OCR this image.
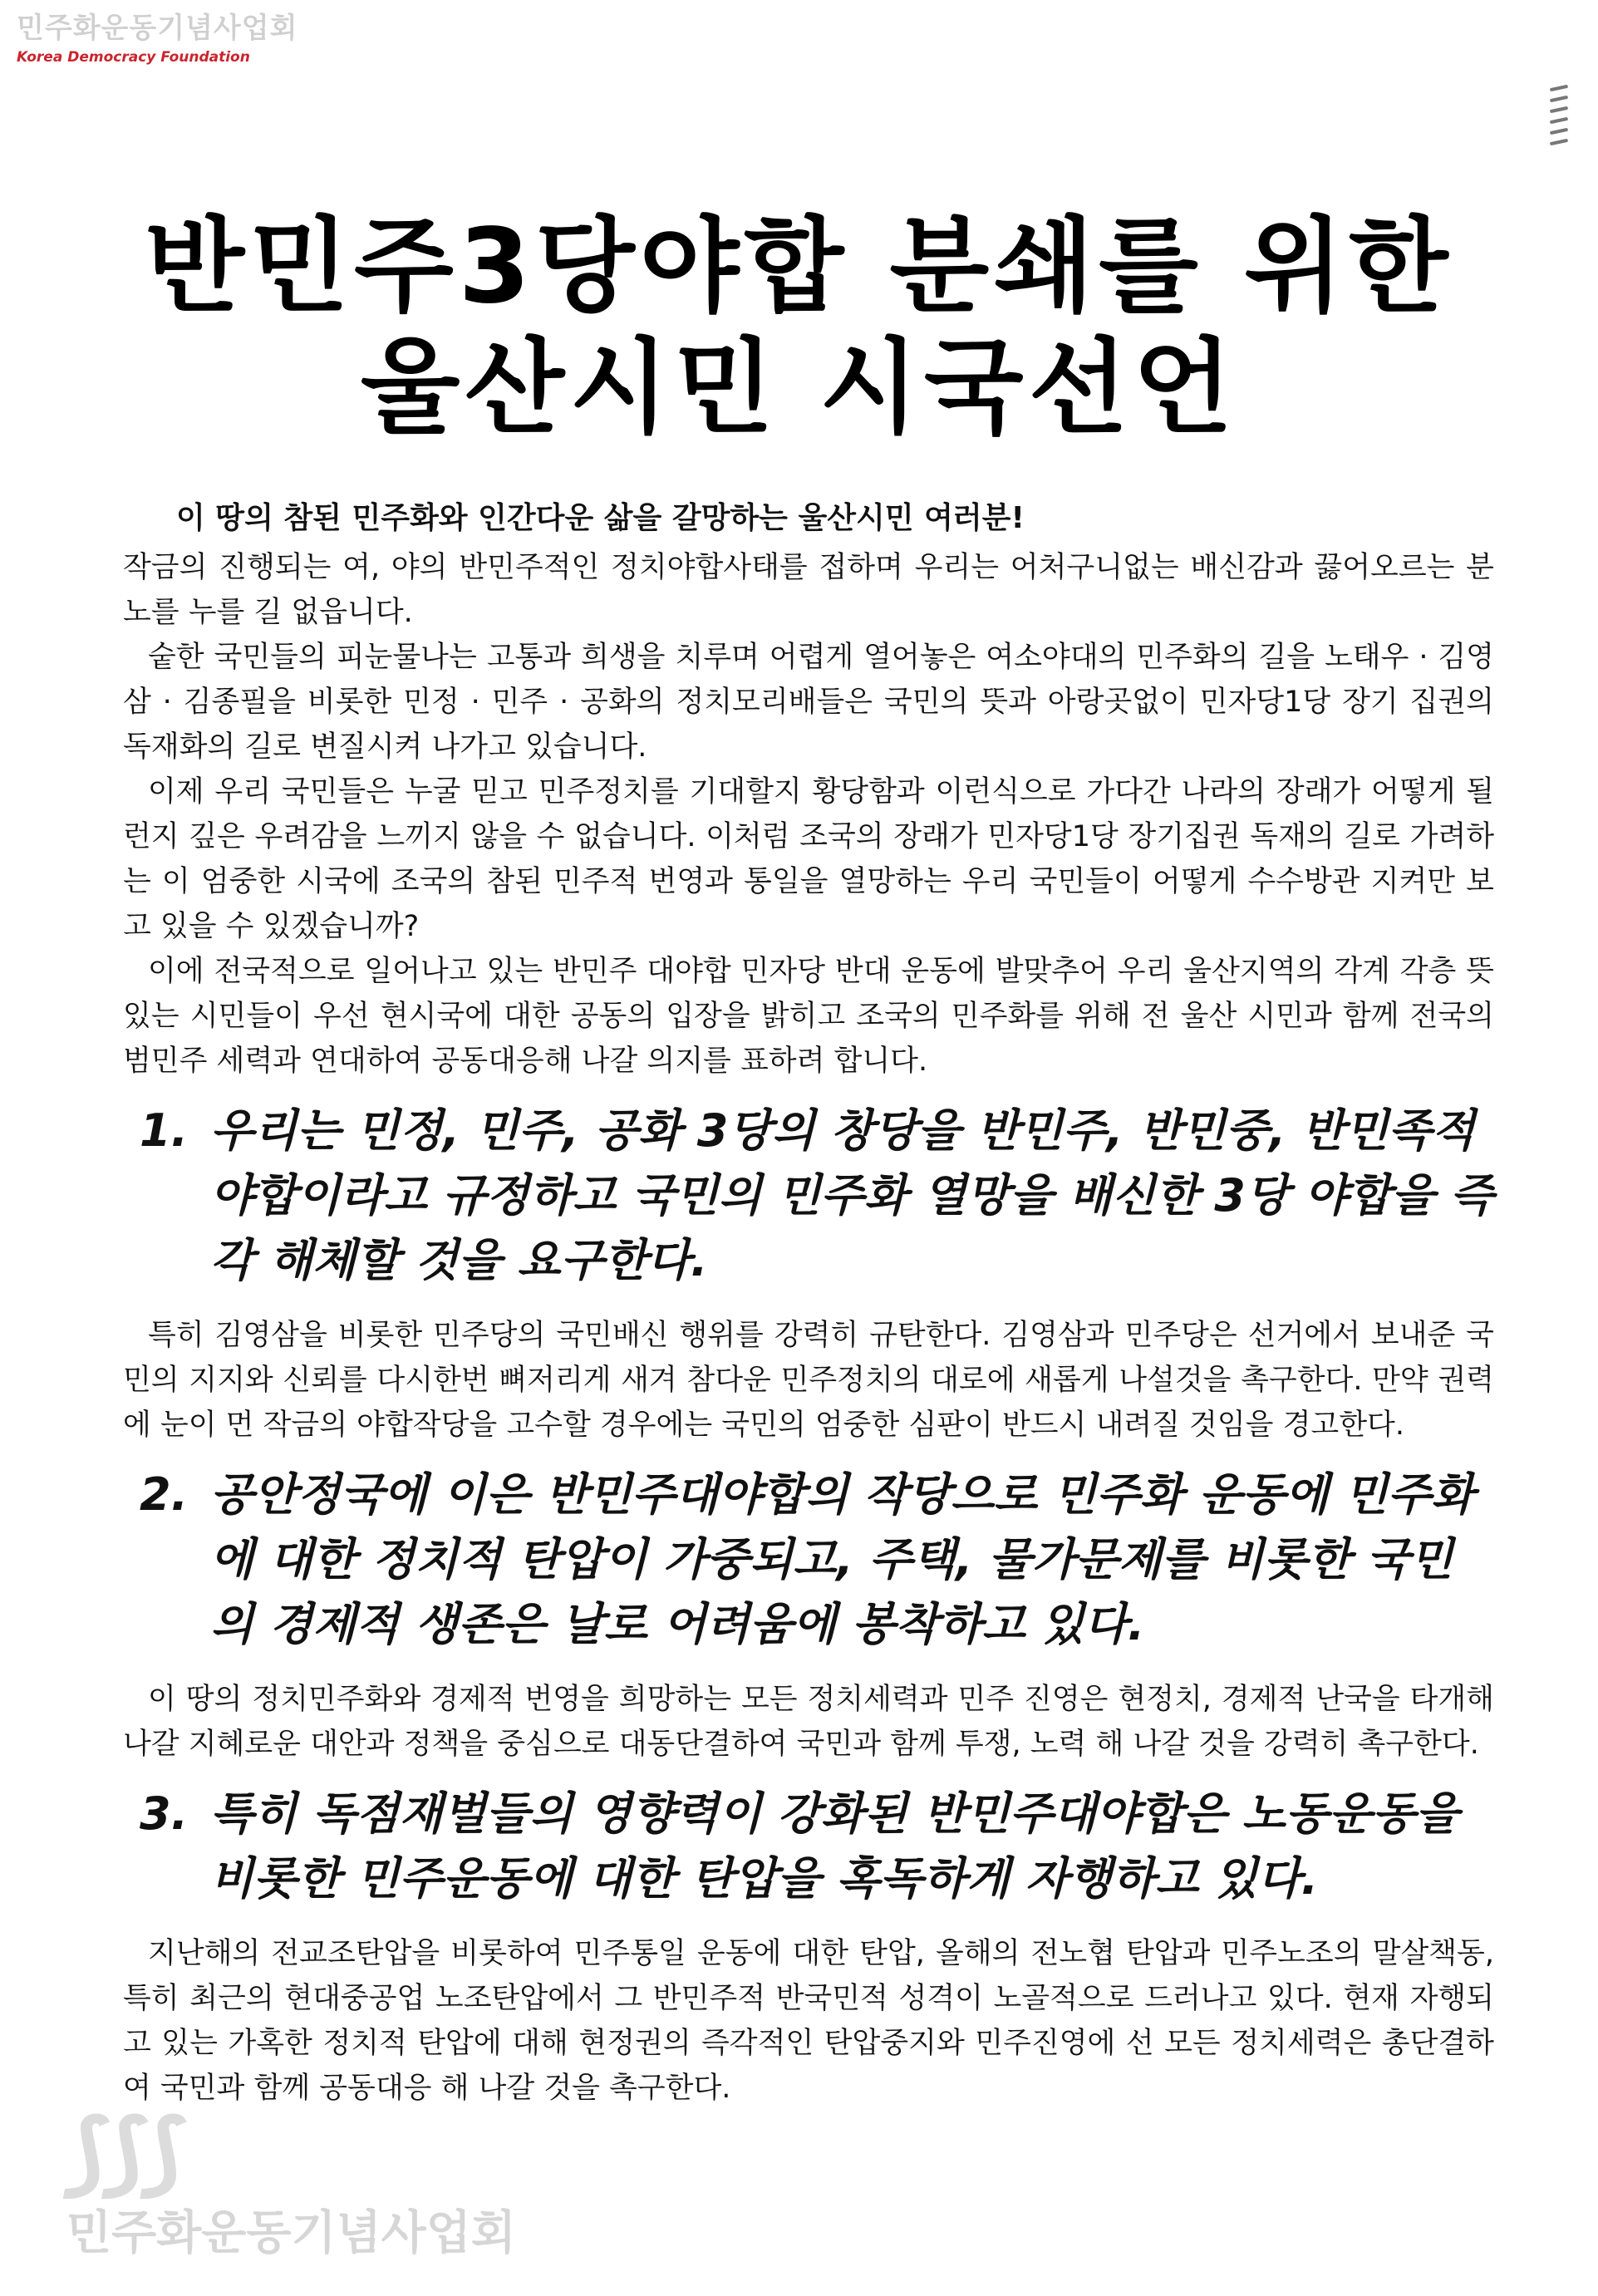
민주화운동기념사업회
Korea Democracy Foundation
반민주3당야합 분쇄를 위한
울산시민 시국선언

이 땅의 참된 민주화와 인간다운 삶을 갈망하는 울산시민 여러분!

작금의 진행되는 여, 야의 반민주적인 정치야합사태를 접하며 우리는 어처구니없는 배신감과 끓어오르는 분노를 누를 길 없읍니다.

숱한 국민들의 피눈물나는 고통과 희생을 치루며 어렵게 열어놓은 여소야대의 민주화의 길을 노태우 · 김영삼 · 김종필을 비롯한 민정 · 민주 · 공화의 정치모리배들은 국민의 뜻과 아랑곳없이 민자당1당 장기 집권의 독재화의 길로 변질시켜 나가고 있습니다.

이제 우리 국민들은 누굴 믿고 민주정치를 기대할지 황당함과 이런식으로 가다간 나라의 장래가 어떻게 될런지 깊은 우려감을 느끼지 않을 수 없습니다. 이처럼 조국의 장래가 민자당1당 장기집권 독재의 길로 가려하는 이 엄중한 시국에 조국의 참된 민주적 번영과 통일을 열망하는 우리 국민들이 어떻게 수수방관 지켜만 보고 있을 수 있겠습니까?

이에 전국적으로 일어나고 있는 반민주 대야합 민자당 반대 운동에 발맞추어 우리 울산지역의 각계 각층 뜻있는 시민들이 우선 현시국에 대한 공동의 입장을 밝히고 조국의 민주화를 위해 전 울산 시민과 함께 전국의 범민주 세력과 연대하여 공동대응해 나갈 의지를 표하려 합니다.

1. 우리는 민정, 민주, 공화 3당의 창당을 반민주, 반민중, 반민족적 야합이라고 규정하고 국민의 민주화 열망을 배신한 3당 야합을 즉각 해체할 것을 요구한다.

특히 김영삼을 비롯한 민주당의 국민배신 행위를 강력히 규탄한다. 김영삼과 민주당은 선거에서 보내준 국민의 지지와 신뢰를 다시한번 뼈저리게 새겨 참다운 민주정치의 대로에 새롭게 나설것을 촉구한다. 만약 권력에 눈이 먼 작금의 야합작당을 고수할 경우에는 국민의 엄중한 심판이 반드시 내려질 것임을 경고한다.

2. 공안정국에 이은 반민주대야합의 작당으로 민주화 운동에 민주화에 대한 정치적 탄압이 가중되고, 주택, 물가문제를 비롯한 국민의 경제적 생존은 날로 어려움에 봉착하고 있다.

이 땅의 정치민주화와 경제적 번영을 희망하는 모든 정치세력과 민주 진영은 현정치, 경제적 난국을 타개해 나갈 지혜로운 대안과 정책을 중심으로 대동단결하여 국민과 함께 투쟁, 노력 해 나갈 것을 강력히 촉구한다.

3. 특히 독점재벌들의 영향력이 강화된 반민주대야합은 노동운동을 비롯한 민주운동에 대한 탄압을 혹독하게 자행하고 있다.

지난해의 전교조탄압을 비롯하여 민주통일 운동에 대한 탄압, 올해의 전노협 탄압과 민주노조의 말살책동, 특히 최근의 현대중공업 노조탄압에서 그 반민주적 반국민적 성격이 노골적으로 드러나고 있다. 현재 자행되고 있는 가혹한 정치적 탄압에 대해 현정권의 즉각적인 탄압중지와 민주진영에 선 모든 정치세력은 총단결하여 국민과 함께 공동대응 해 나갈 것을 촉구한다.

⟆⟆⟆
민주화운동기념사업회
